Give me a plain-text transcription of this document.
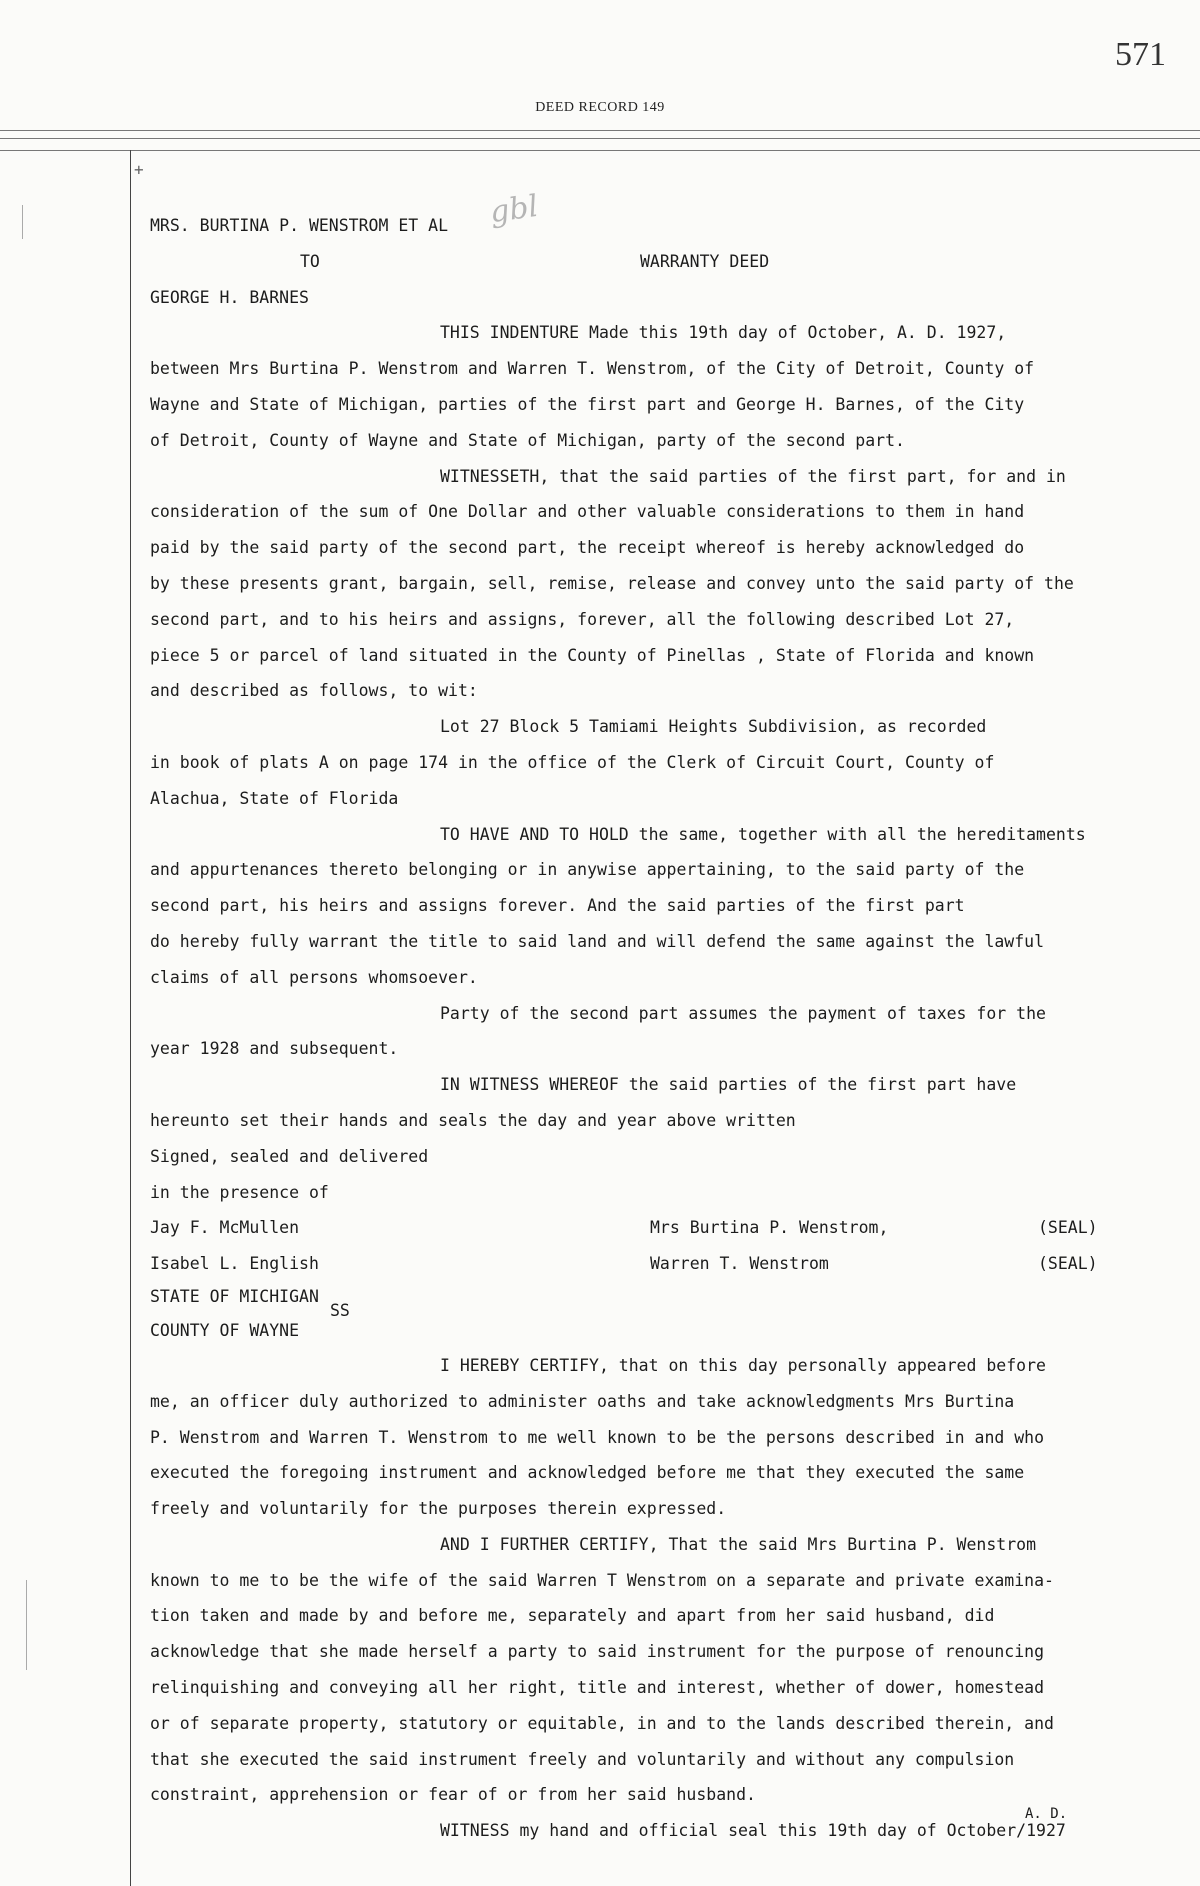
571
DEED RECORD 149
+
gbl
MRS. BURTINA P. WENSTROM ET AL
TO	WARRANTY DEED
GEORGE H. BARNES
THIS INDENTURE Made this 19th day of October, A. D. 1927,
between Mrs Burtina P. Wenstrom and Warren T. Wenstrom, of the City of Detroit, County of
Wayne and State of Michigan, parties of the first part and George H. Barnes, of the City
of Detroit, County of Wayne and State of Michigan, party of the second part.
WITNESSETH, that the said parties of the first part, for and in
consideration of the sum of One Dollar and other valuable considerations to them in hand
paid by the said party of the second part, the receipt whereof is hereby acknowledged do
by these presents grant, bargain, sell, remise, release and convey unto the said party of the
second part, and to his heirs and assigns, forever, all the following described Lot 27,
piece 5 or parcel of land situated in the County of Pinellas , State of Florida and known
and described as follows, to wit:
Lot 27 Block 5 Tamiami Heights Subdivision, as recorded
in book of plats A on page 174 in the office of the Clerk of Circuit Court, County of
Alachua, State of Florida
TO HAVE AND TO HOLD the same, together with all the hereditaments
and appurtenances thereto belonging or in anywise appertaining, to the said party of the
second part, his heirs and assigns forever. And the said parties of the first part
do hereby fully warrant the title to said land and will defend the same against the lawful
claims of all persons whomsoever.
Party of the second part assumes the payment of taxes for the
year 1928 and subsequent.
IN WITNESS WHEREOF the said parties of the first part have
hereunto set their hands and seals the day and year above written
Signed, sealed and delivered
in the presence of
Jay F. McMullen	Mrs Burtina P. Wenstrom,	(SEAL)
Isabel L. English	Warren T. Wenstrom	(SEAL)
STATE OF MICHIGAN
SS
COUNTY OF WAYNE
I HEREBY CERTIFY, that on this day personally appeared before
me, an officer duly authorized to administer oaths and take acknowledgments Mrs Burtina
P. Wenstrom and Warren T. Wenstrom to me well known to be the persons described in and who
executed the foregoing instrument and acknowledged before me that they executed the same
freely and voluntarily for the purposes therein expressed.
AND I FURTHER CERTIFY, That the said Mrs Burtina P. Wenstrom
known to me to be the wife of the said Warren T Wenstrom on a separate and private examina-
tion taken and made by and before me, separately and apart from her said husband, did
acknowledge that she made herself a party to said instrument for the purpose of renouncing
relinquishing and conveying all her right, title and interest, whether of dower, homestead
or of separate property, statutory or equitable, in and to the lands described therein, and
that she executed the said instrument freely and voluntarily and without any compulsion
constraint, apprehension or fear of or from her said husband.
WITNESS my hand and official seal this 19th day of October/1927
A. D.
